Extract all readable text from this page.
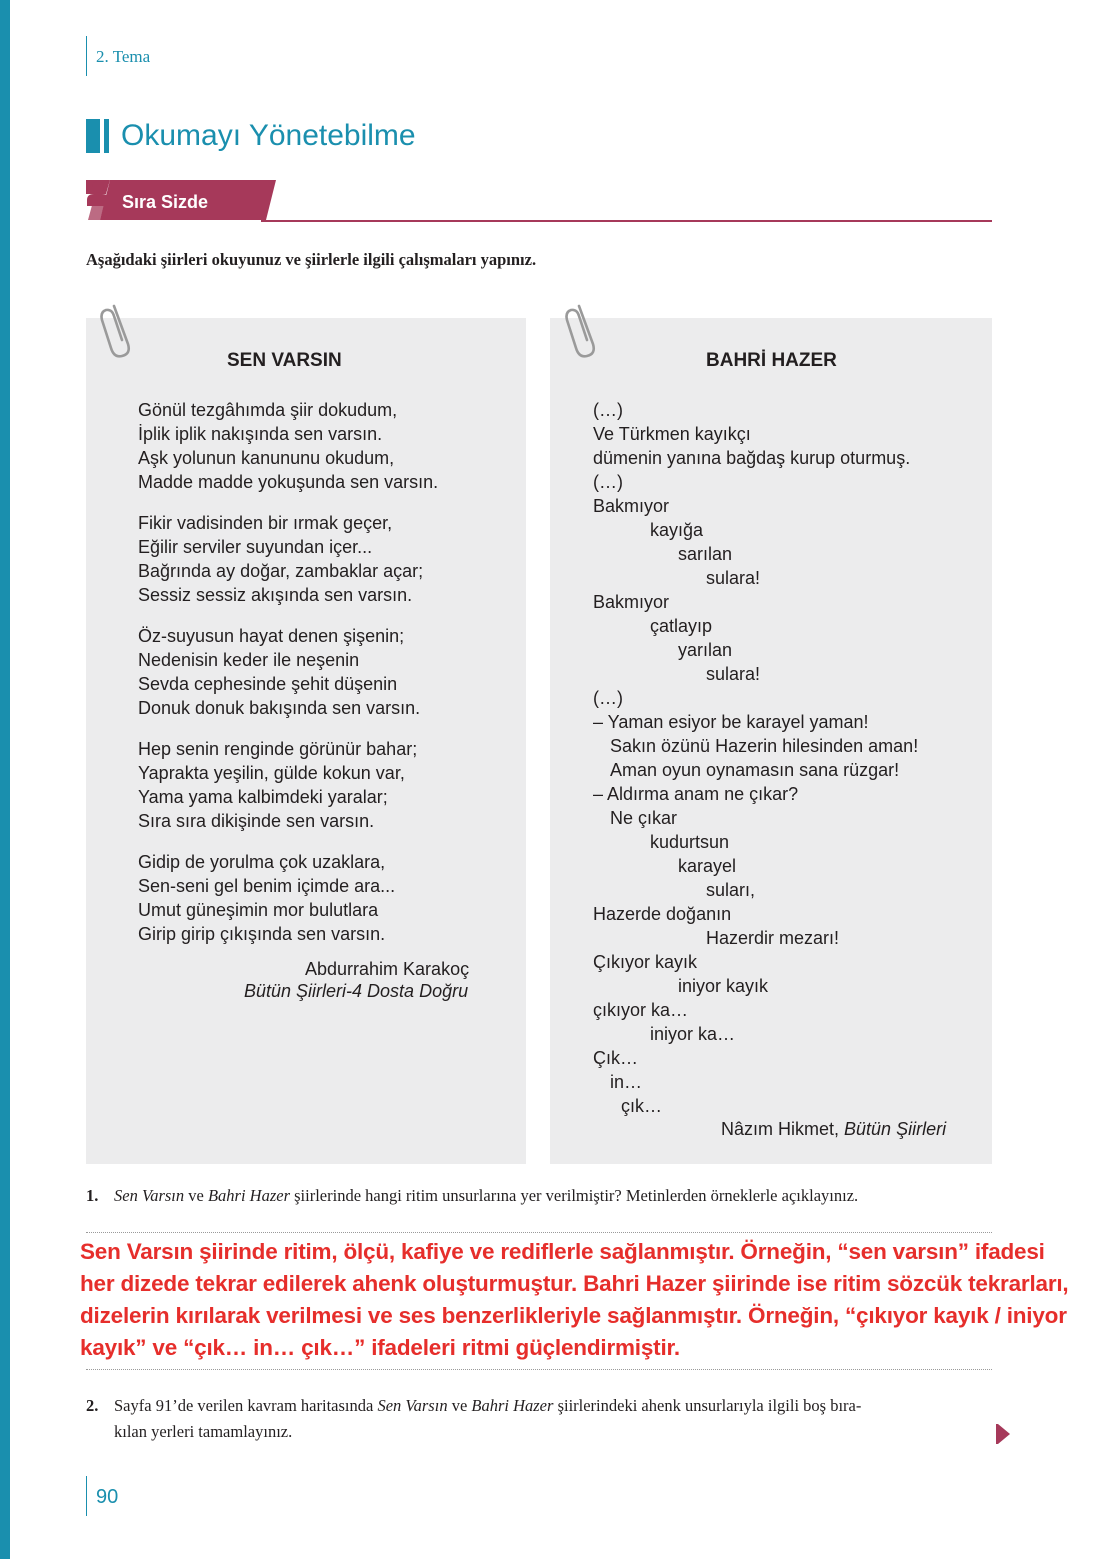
2. Tema
Okumayı Yönetebilme
Sıra Sizde
Aşağıdaki şiirleri okuyunuz ve şiirlerle ilgili çalışmaları yapınız.
SEN VARSIN
Gönül tezgâhımda şiir dokudum,
İplik iplik nakışında sen varsın.
Aşk yolunun kanununu okudum,
Madde madde yokuşunda sen varsın.
Fikir vadisinden bir ırmak geçer,
Eğilir serviler suyundan içer...
Bağrında ay doğar, zambaklar açar;
Sessiz sessiz akışında sen varsın.
Öz-suyusun hayat denen şişenin;
Nedenisin keder ile neşenin
Sevda cephesinde şehit düşenin
Donuk donuk bakışında sen varsın.
Hep senin renginde görünür bahar;
Yaprakta yeşilin, gülde kokun var,
Yama yama kalbimdeki yaralar;
Sıra sıra dikişinde sen varsın.
Gidip de yorulma çok uzaklara,
Sen-seni gel benim içimde ara...
Umut güneşimin mor bulutlara
Girip girip çıkışında sen varsın.
Abdurrahim Karakoç
Bütün Şiirleri-4 Dosta Doğru
BAHRİ HAZER
(…)
Ve Türkmen kayıkçı
dümenin yanına bağdaş kurup oturmuş.
(…)
Bakmıyor
kayığa
sarılan
sulara!
Bakmıyor
çatlayıp
yarılan
sulara!
(…)
– Yaman esiyor be karayel yaman!
Sakın özünü Hazerin hilesinden aman!
Aman oyun oynamasın sana rüzgar!
– Aldırma anam ne çıkar?
Ne çıkar
kudurtsun
karayel
suları,
Hazerde doğanın
Hazerdir mezarı!
Çıkıyor kayık
iniyor kayık
çıkıyor ka…
iniyor ka…
Çık…
in…
çık…
Nâzım Hikmet, Bütün Şiirleri
1. Sen Varsın ve Bahri Hazer şiirlerinde hangi ritim unsurlarına yer verilmiştir? Metinlerden örneklerle açıklayınız.

Sen Varsın şiirinde ritim, ölçü, kafiye ve rediflerle sağlanmıştır. Örneğin, “sen varsın” ifadesi her dizede tekrar edilerek ahenk oluşturmuştur. Bahri Hazer şiirinde ise ritim sözcük tekrarları, dizelerin kırılarak verilmesi ve ses benzerlikleriyle sağlanmıştır. Örneğin, “çıkıyor kayık / iniyor kayık” ve “çık… in… çık…” ifadeleri ritmi güçlendirmiştir.

2. Sayfa 91’de verilen kavram haritasında Sen Varsın ve Bahri Hazer şiirlerindeki ahenk unsurlarıyla ilgili boş bıra-
kılan yerleri tamamlayınız.
90
